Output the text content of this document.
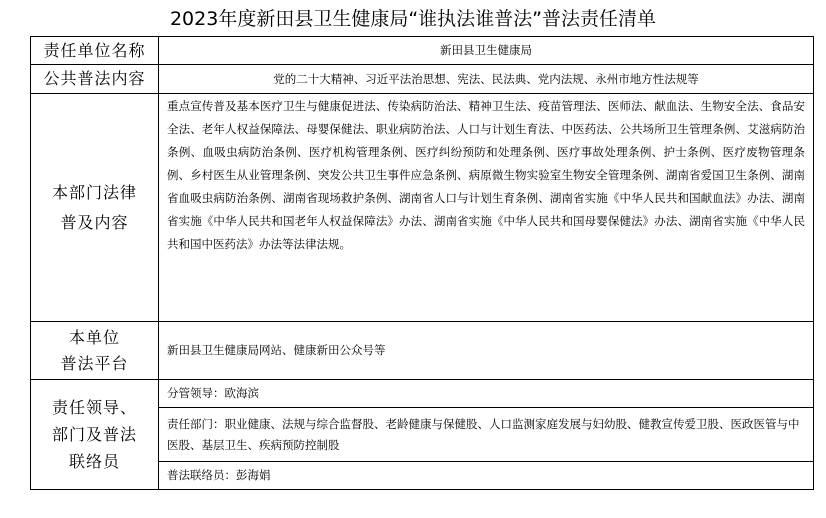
2023年度新田县卫生健康局“谁执法谁普法”普法责任清单
责任单位名称	新田县卫生健康局
公共普法内容	党的二十大精神、习近平法治思想、宪法、民法典、党内法规、永州市地方性法规等

本部门法律
普及内容	重点宣传普及基本医疗卫生与健康促进法、传染病防治法、精神卫生法、疫苗管理法、医师法、献血法、生物安全法、食品安全法、老年人权益保障法、母婴保健法、职业病防治法、人口与计划生育法、中医药法、公共场所卫生管理条例、艾滋病防治条例、血吸虫病防治条例、医疗机构管理条例、医疗纠纷预防和处理条例、医疗事故处理条例、护士条例、医疗废物管理条例、乡村医生从业管理条例、突发公共卫生事件应急条例、病原微生物实验室生物安全管理条例、湖南省爱国卫生条例、湖南省血吸虫病防治条例、湖南省现场救护条例、湖南省人口与计划生育条例、湖南省实施《中华人民共和国献血法》办法、湖南省实施《中华人民共和国老年人权益保障法》办法、湖南省实施《中华人民共和国母婴保健法》办法、湖南省实施《中华人民共和国中医药法》办法等法律法规。

本单位
普法平台	新田县卫生健康局网站、健康新田公众号等

责任领导、
部门及普法
联络员	分管领导：欧海滨
	责任部门：职业健康、法规与综合监督股、老龄健康与保健股、人口监测家庭发展与妇幼股、健教宣传爱卫股、医政医管与中医股、基层卫生、疾病预防控制股
	普法联络员：彭海娟
